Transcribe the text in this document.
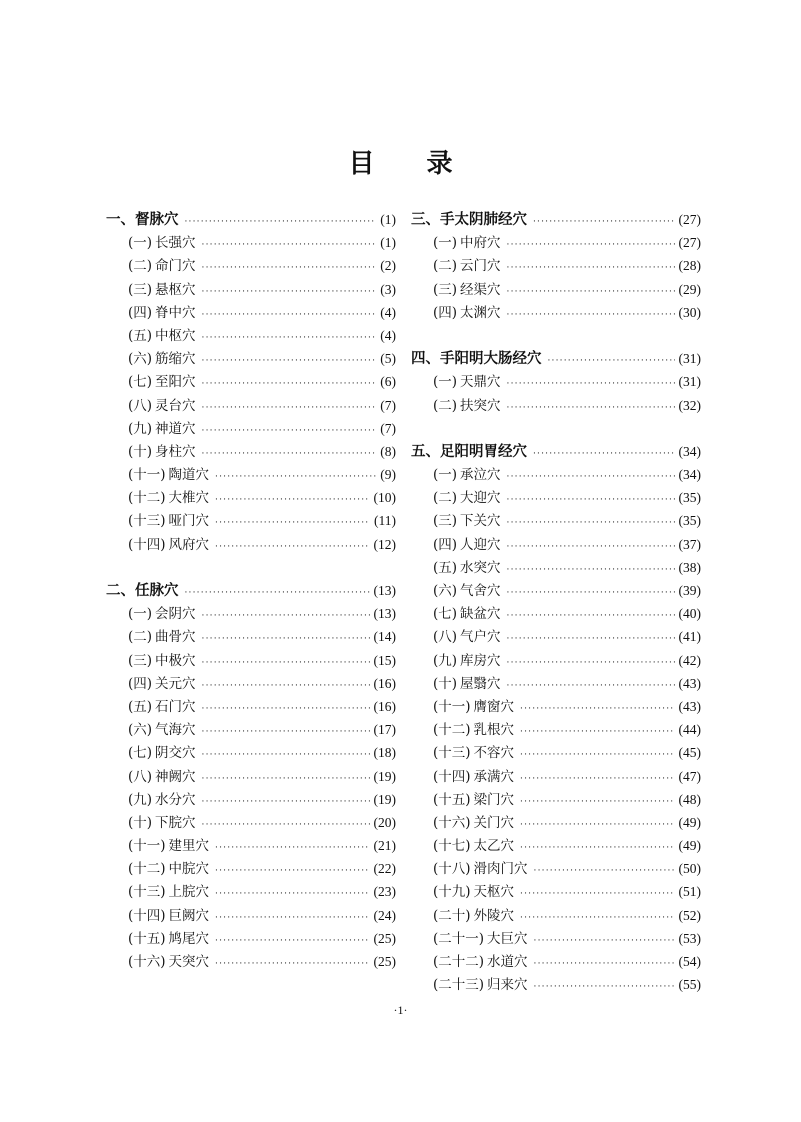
目 录
一、督脉穴 ·····	(1)
(一) 长强穴 ·····	(1)
(二) 命门穴 ·····	(2)
(三) 悬枢穴 ·····	(3)
(四) 脊中穴 ·····	(4)
(五) 中枢穴 ·····	(4)
(六) 筋缩穴 ·····	(5)
(七) 至阳穴 ·····	(6)
(八) 灵台穴 ·····	(7)
(九) 神道穴 ·····	(7)
(十) 身柱穴 ·····	(8)
(十一) 陶道穴 ·····	(9)
(十二) 大椎穴 ·····	(10)
(十三) 哑门穴 ·····	(11)
(十四) 风府穴 ·····	(12)
二、任脉穴 ·····	(13)
(一) 会阴穴 ·····	(13)
(二) 曲骨穴 ·····	(14)
(三) 中极穴 ·····	(15)
(四) 关元穴 ·····	(16)
(五) 石门穴 ·····	(16)
(六) 气海穴 ·····	(17)
(七) 阴交穴 ·····	(18)
(八) 神阙穴 ·····	(19)
(九) 水分穴 ·····	(19)
(十) 下脘穴 ·····	(20)
(十一) 建里穴 ·····	(21)
(十二) 中脘穴 ·····	(22)
(十三) 上脘穴 ·····	(23)
(十四) 巨阙穴 ·····	(24)
(十五) 鸠尾穴 ·····	(25)
(十六) 天突穴 ·····	(25)
三、手太阴肺经穴 ·····	(27)
(一) 中府穴 ·····	(27)
(二) 云门穴 ·····	(28)
(三) 经渠穴 ·····	(29)
(四) 太渊穴 ·····	(30)
四、手阳明大肠经穴 ·····	(31)
(一) 天鼎穴 ·····	(31)
(二) 扶突穴 ·····	(32)
五、足阳明胃经穴 ·····	(34)
(一) 承泣穴 ·····	(34)
(二) 大迎穴 ·····	(35)
(三) 下关穴 ·····	(35)
(四) 人迎穴 ·····	(37)
(五) 水突穴 ·····	(38)
(六) 气舍穴 ·····	(39)
(七) 缺盆穴 ·····	(40)
(八) 气户穴 ·····	(41)
(九) 库房穴 ·····	(42)
(十) 屋翳穴 ·····	(43)
(十一) 膺窗穴 ·····	(43)
(十二) 乳根穴 ·····	(44)
(十三) 不容穴 ·····	(45)
(十四) 承满穴 ·····	(47)
(十五) 梁门穴 ·····	(48)
(十六) 关门穴 ·····	(49)
(十七) 太乙穴 ·····	(49)
(十八) 滑肉门穴 ·····	(50)
(十九) 天枢穴 ·····	(51)
(二十) 外陵穴 ·····	(52)
(二十一) 大巨穴 ·····	(53)
(二十二) 水道穴 ·····	(54)
(二十三) 归来穴 ·····	(55)
·1·
